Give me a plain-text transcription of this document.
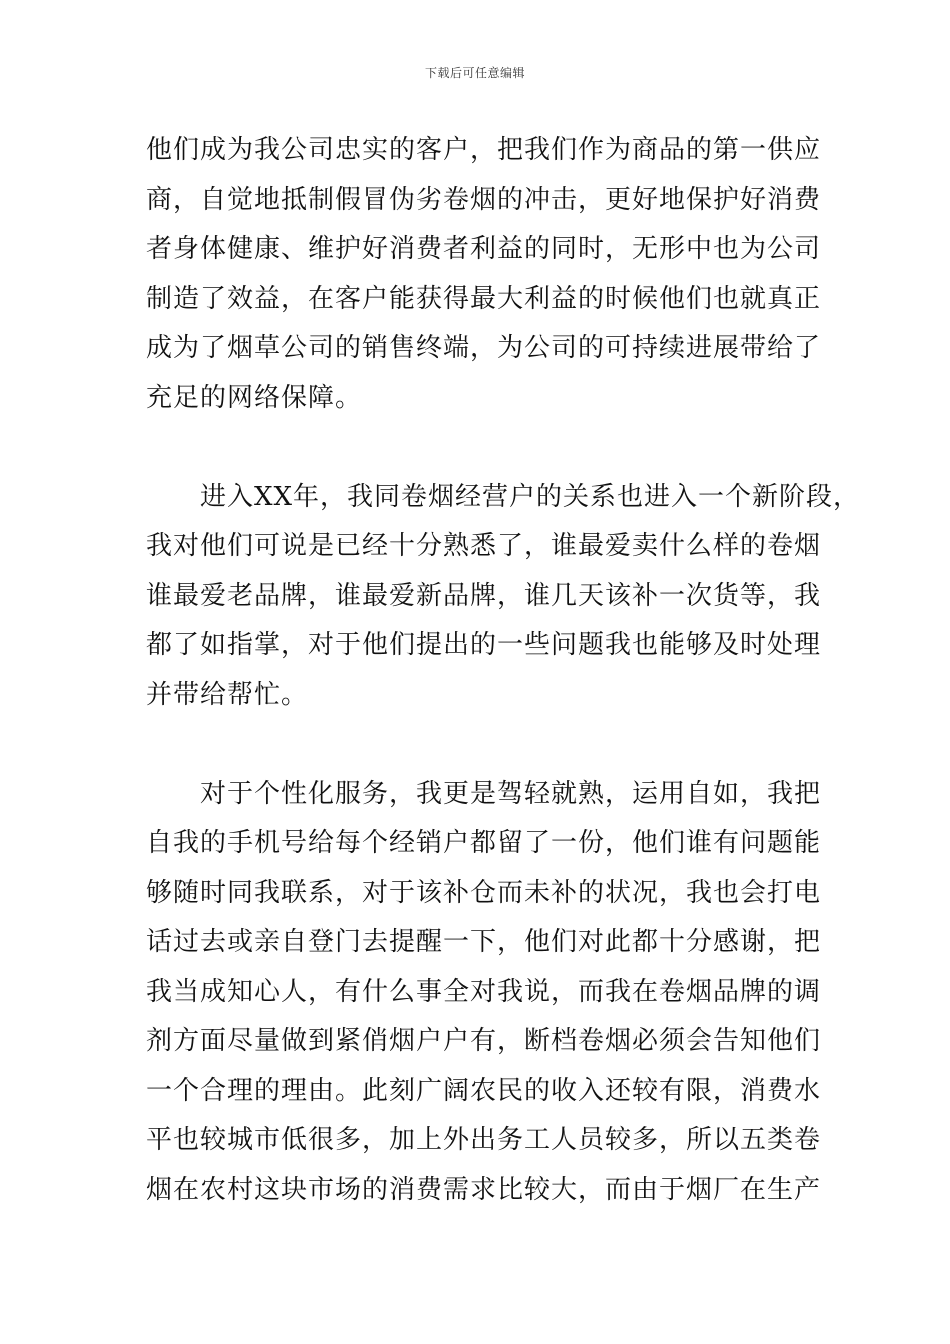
下载后可任意编辑
他们成为我公司忠实的客户，把我们作为商品的第一供应
商，自觉地抵制假冒伪劣卷烟的冲击，更好地保护好消费
者身体健康、维护好消费者利益的同时，无形中也为公司
制造了效益，在客户能获得最大利益的时候他们也就真正
成为了烟草公司的销售终端，为公司的可持续进展带给了
充足的网络保障。
　　进入XX年，我同卷烟经营户的关系也进入一个新阶段，
我对他们可说是已经十分熟悉了，谁最爱卖什么样的卷烟
谁最爱老品牌，谁最爱新品牌，谁几天该补一次货等，我
都了如指掌，对于他们提出的一些问题我也能够及时处理
并带给帮忙。
　　对于个性化服务，我更是驾轻就熟，运用自如，我把
自我的手机号给每个经销户都留了一份，他们谁有问题能
够随时同我联系，对于该补仓而未补的状况，我也会打电
话过去或亲自登门去提醒一下，他们对此都十分感谢，把
我当成知心人，有什么事全对我说，而我在卷烟品牌的调
剂方面尽量做到紧俏烟户户有，断档卷烟必须会告知他们
一个合理的理由。此刻广阔农民的收入还较有限，消费水
平也较城市低很多，加上外出务工人员较多，所以五类卷
烟在农村这块市场的消费需求比较大，而由于烟厂在生产
